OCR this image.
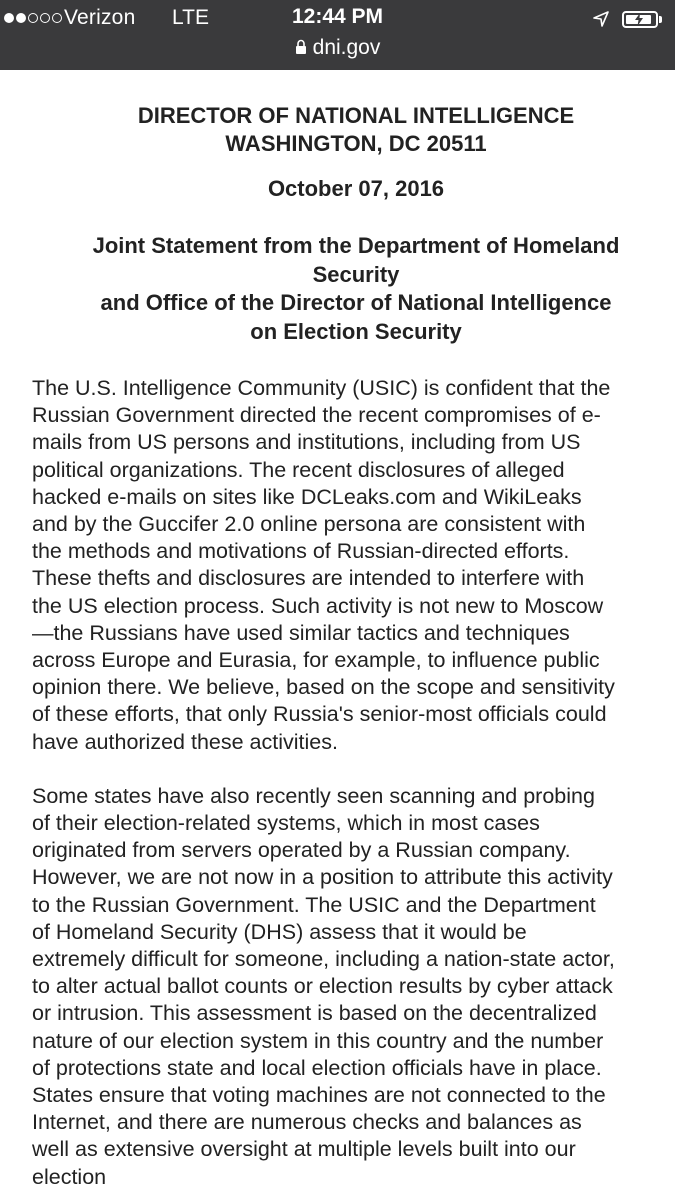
Verizon LTE	12:44 PM
dni.gov
DIRECTOR OF NATIONAL INTELLIGENCE
WASHINGTON, DC 20511
October 07, 2016
Joint Statement from the Department of Homeland
Security
and Office of the Director of National Intelligence
on Election Security

The U.S. Intelligence Community (USIC) is confident that the
Russian Government directed the recent compromises of e-
mails from US persons and institutions, including from US
political organizations. The recent disclosures of alleged
hacked e-mails on sites like DCLeaks.com and WikiLeaks
and by the Guccifer 2.0 online persona are consistent with
the methods and motivations of Russian-directed efforts.
These thefts and disclosures are intended to interfere with
the US election process. Such activity is not new to Moscow
—the Russians have used similar tactics and techniques
across Europe and Eurasia, for example, to influence public
opinion there. We believe, based on the scope and sensitivity
of these efforts, that only Russia's senior-most officials could
have authorized these activities.

Some states have also recently seen scanning and probing
of their election-related systems, which in most cases
originated from servers operated by a Russian company.
However, we are not now in a position to attribute this activity
to the Russian Government. The USIC and the Department
of Homeland Security (DHS) assess that it would be
extremely difficult for someone, including a nation-state actor,
to alter actual ballot counts or election results by cyber attack
or intrusion. This assessment is based on the decentralized
nature of our election system in this country and the number
of protections state and local election officials have in place.
States ensure that voting machines are not connected to the
Internet, and there are numerous checks and balances as
well as extensive oversight at multiple levels built into our
election
